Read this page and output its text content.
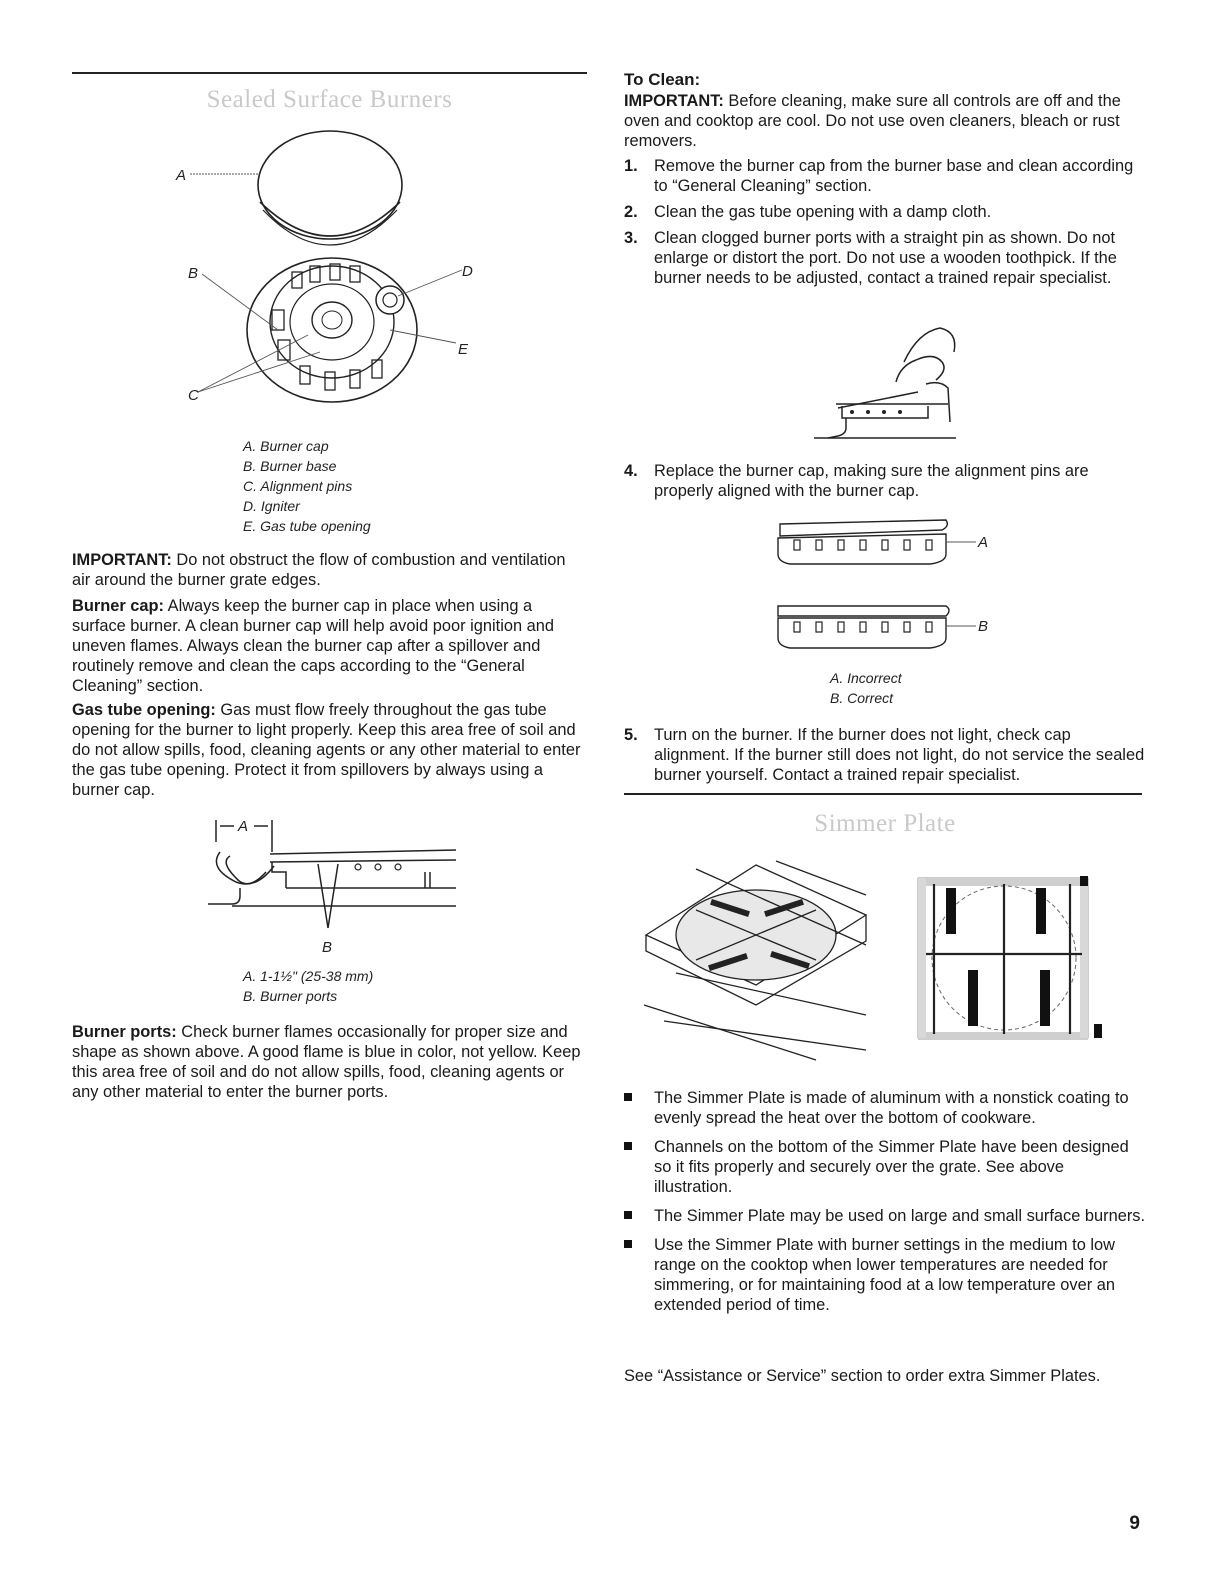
Sealed Surface Burners
A
B
C
D
E
A. Burner cap
B. Burner base
C. Alignment pins
D. Igniter
E. Gas tube opening

IMPORTANT: Do not obstruct the flow of combustion and ventilation air around the burner grate edges.

Burner cap: Always keep the burner cap in place when using a surface burner. A clean burner cap will help avoid poor ignition and uneven flames. Always clean the burner cap after a spillover and routinely remove and clean the caps according to the “General Cleaning” section.

Gas tube opening: Gas must flow freely throughout the gas tube opening for the burner to light properly. Keep this area free of soil and do not allow spills, food, cleaning agents or any other material to enter the gas tube opening. Protect it from spillovers by always using a burner cap.

A
B
A. 1-1½" (25-38 mm)
B. Burner ports

Burner ports: Check burner flames occasionally for proper size and shape as shown above. A good flame is blue in color, not yellow. Keep this area free of soil and do not allow spills, food, cleaning agents or any other material to enter the burner ports.

To Clean:

IMPORTANT: Before cleaning, make sure all controls are off and the oven and cooktop are cool. Do not use oven cleaners, bleach or rust removers.

1. Remove the burner cap from the burner base and clean according to “General Cleaning” section.
2. Clean the gas tube opening with a damp cloth.
3. Clean clogged burner ports with a straight pin as shown. Do not enlarge or distort the port. Do not use a wooden toothpick. If the burner needs to be adjusted, contact a trained repair specialist.
4. Replace the burner cap, making sure the alignment pins are properly aligned with the burner cap.
A
B
A. Incorrect
B. Correct
5. Turn on the burner. If the burner does not light, check cap alignment. If the burner still does not light, do not service the sealed burner yourself. Contact a trained repair specialist.
Simmer Plate
The Simmer Plate is made of aluminum with a nonstick coating to evenly spread the heat over the bottom of cookware.
Channels on the bottom of the Simmer Plate have been designed so it fits properly and securely over the grate. See above illustration.
The Simmer Plate may be used on large and small surface burners.
Use the Simmer Plate with burner settings in the medium to low range on the cooktop when lower temperatures are needed for simmering, or for maintaining food at a low temperature over an extended period of time.

See “Assistance or Service” section to order extra Simmer Plates.

9
